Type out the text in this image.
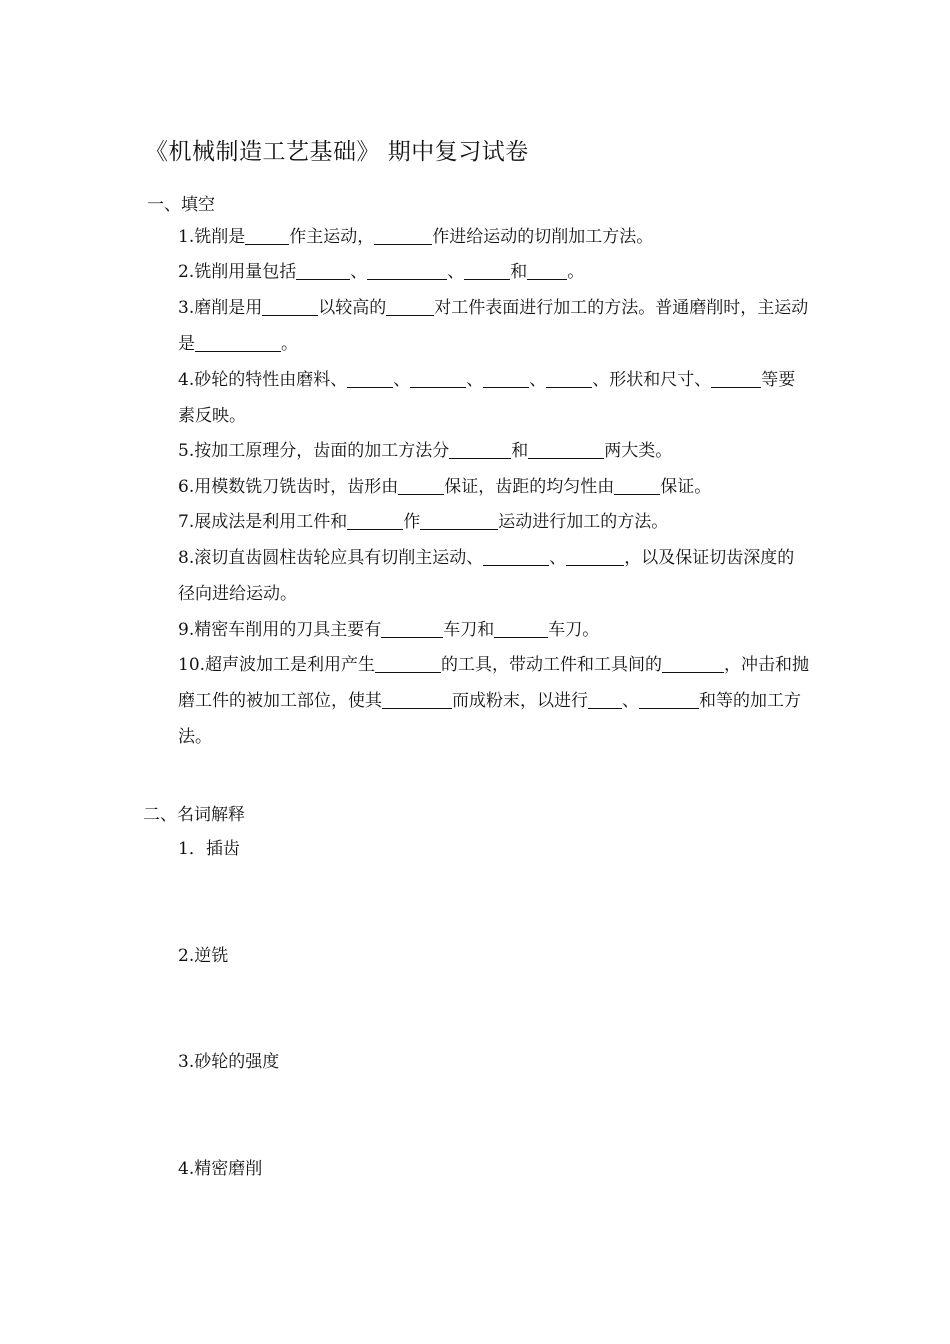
《机械制造工艺基础》 期中复习试卷
一、填空
1.铣削是	作主运动，	作进给运动的切削加工方法。
2.铣削用量包括	、	、	和 。
3.磨削是用	以较高的	对工件表面进行加工的方法。普通磨削时，主运动是	。
4.砂轮的特性由磨料、	、	、	、	、形状和尺寸、	等要素反映。
5.按加工原理分，齿面的加工方法分	和	两大类。
6.用模数铣刀铣齿时，齿形由	保证，齿距的均匀性由	保证。
7.展成法是利用工件和	作	运动进行加工的方法。
8.滚切直齿圆柱齿轮应具有切削主运动、	、	，以及保证切齿深度的径向进给运动。
9.精密车削用的刀具主要有	车刀和	车刀。
10.超声波加工是利用产生	的工具，带动工件和工具间的	，冲击和抛磨工件的被加工部位，使其	而成粉末，以进行 、	和等的加工方法。
二、名词解释
1．插齿
2.逆铣
3.砂轮的强度
4.精密磨削
